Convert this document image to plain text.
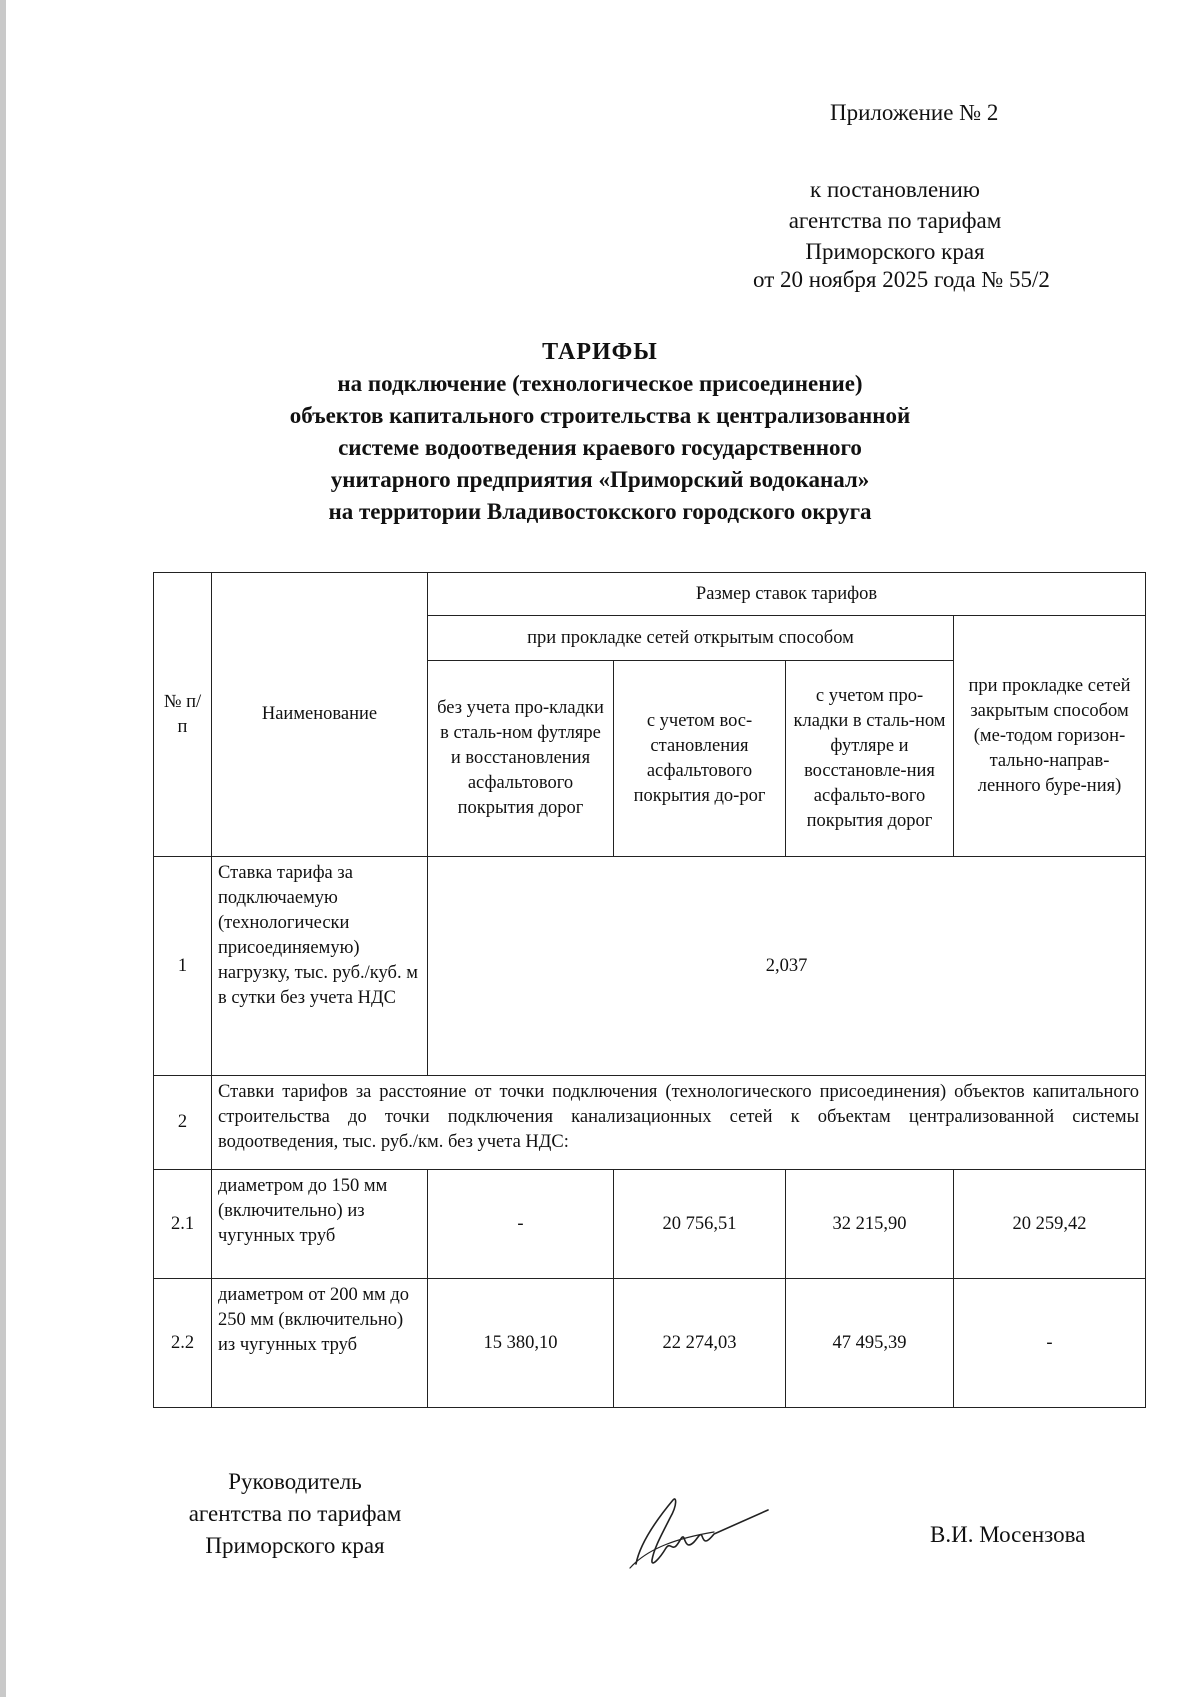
Приложение № 2
к постановлению
агентства по тарифам
Приморского края
от 20 ноября 2025 года № 55/2
ТАРИФЫ
на подключение (технологическое присоединение)
объектов капитального строительства к централизованной
системе водоотведения краевого государственного
унитарного предприятия «Приморский водоканал»
на территории Владивостокского городского округа
№ п/п	Наименование	Размер ставок тарифов			
		при прокладке сетей открытым способом			при прокладке сетей закрытым способом (ме-тодом горизон-тально-направ-ленного буре-ния)
		без учета про-кладки в сталь-ном футляре и восстановления асфальтового покрытия дорог	с учетом вос-становления асфальтового покрытия до-рог	с учетом про-кладки в сталь-ном футляре и восстановле-ния асфальто-вого покрытия дорог	
1	Ставка тарифа за подключаемую (технологически присоединяемую) нагрузку, тыс. руб./куб. м в сутки без учета НДС	2,037			
2	Ставки тарифов за расстояние от точки подключения (технологического присоединения) объектов капитального строительства до точки подключения канализационных сетей к объектам централизованной системы водоотведения, тыс. руб./км. без учета НДС:				
2.1	диаметром до 150 мм (включительно) из чугунных труб	-	20 756,51	32 215,90	20 259,42
2.2	диаметром от 200 мм до 250 мм (включительно) из чугунных труб	15 380,10	22 274,03	47 495,39	-
Руководитель
агентства по тарифам
Приморского края	В.И. Мосензова
